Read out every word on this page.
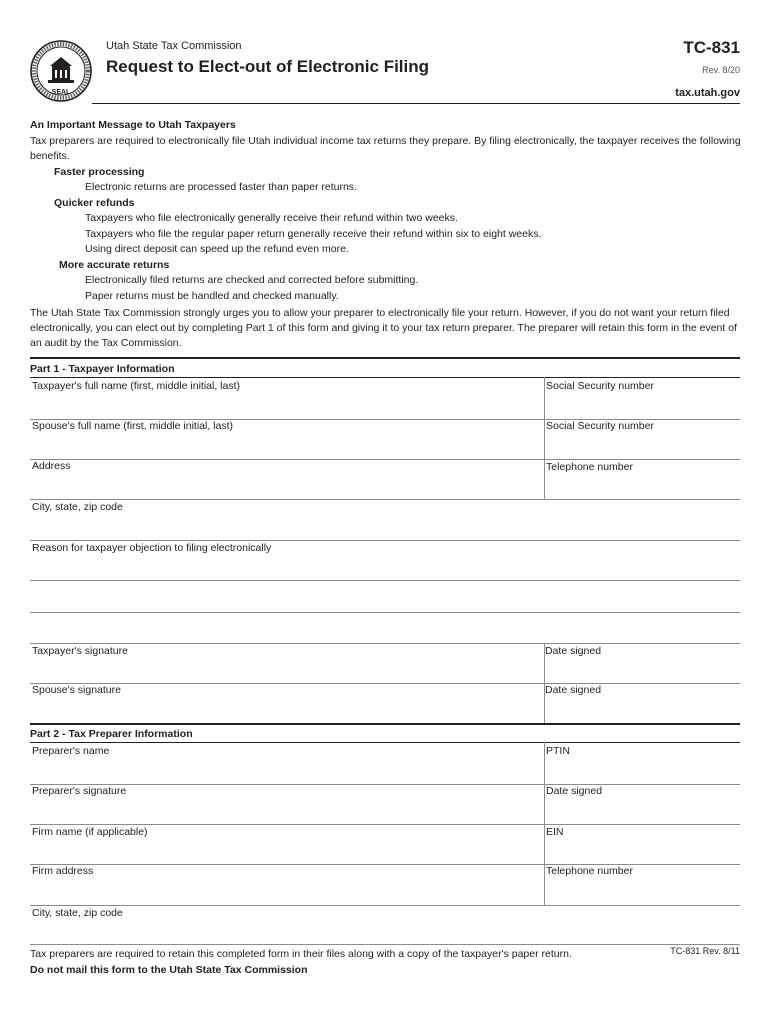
SEAL
Utah State Tax Commission
Request to Elect-out of Electronic Filing
TC-831
Rev. 8/20
tax.utah.gov

An Important Message to Utah Taxpayers

Tax preparers are required to electronically file Utah individual income tax returns they prepare. By filing electronically, the taxpayer receives the following benefits.

Faster processing

Electronic returns are processed faster than paper returns.

Quicker refunds

Taxpayers who file electronically generally receive their refund within two weeks.

Taxpayers who file the regular paper return generally receive their refund within six to eight weeks.

Using direct deposit can speed up the refund even more.

More accurate returns

Electronically filed returns are checked and corrected before submitting.

Paper returns must be handled and checked manually.

The Utah State Tax Commission strongly urges you to allow your preparer to electronically file your return. However, if you do not want your return filed electronically, you can elect out by completing Part 1 of this form and giving it to your tax return preparer. The preparer will retain this form in the event of an audit by the Tax Commission.

Part 1 - Taxpayer Information
Taxpayer's full name (first, middle initial, last)	Social Security number
Spouse's full name (first, middle initial, last)	Social Security number
Address	Telephone number
City, state, zip code
Reason for taxpayer objection to filing electronically
Taxpayer's signature	Date signed
Spouse's signature	Date signed
Part 2 - Tax Preparer Information
Preparer's name	PTIN
Preparer's signature	Date signed
Firm name (if applicable)	EIN
Firm address	Telephone number
City, state, zip code
Tax preparers are required to retain this completed form in their files along with a copy of the taxpayer's paper return.
Do not mail this form to the Utah State Tax Commission
TC-831 Rev. 8/11
